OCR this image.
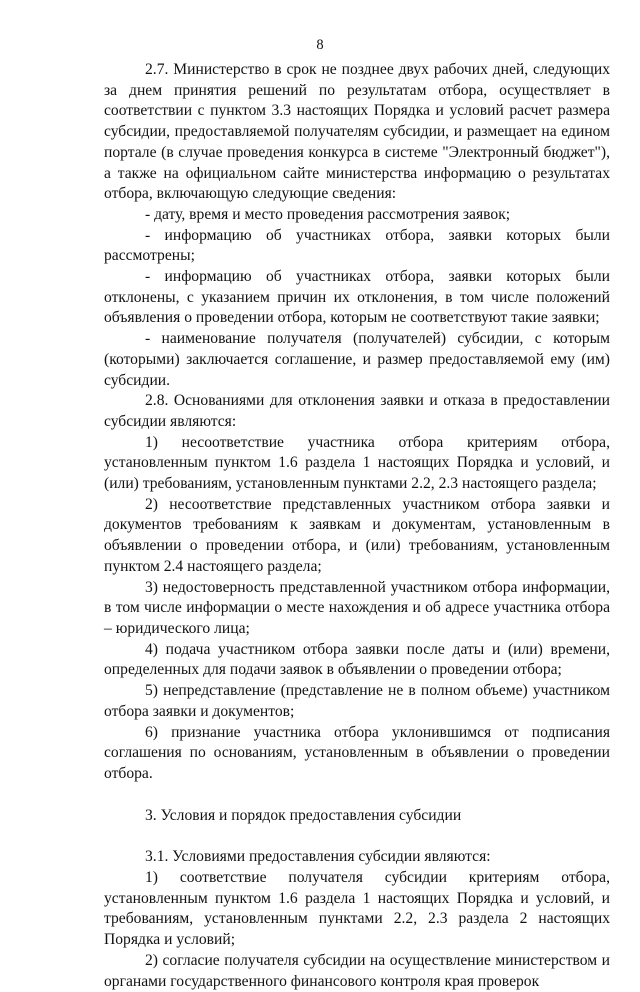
8

2.7. Министерство в срок не позднее двух рабочих дней, следующих за днем принятия решений по результатам отбора, осуществляет в соответствии с пунктом 3.3 настоящих Порядка и условий расчет размера субсидии, предоставляемой получателям субсидии, и размещает на едином портале (в случае проведения конкурса в системе "Электронный бюджет"), а также на официальном сайте министерства информацию о результатах отбора, включающую следующие сведения:

- дату, время и место проведения рассмотрения заявок;

- информацию об участниках отбора, заявки которых были рассмотрены;

- информацию об участниках отбора, заявки которых были отклонены, с указанием причин их отклонения, в том числе положений объявления о проведении отбора, которым не соответствуют такие заявки;

- наименование получателя (получателей) субсидии, с которым (которыми) заключается соглашение, и размер предоставляемой ему (им) субсидии.

2.8. Основаниями для отклонения заявки и отказа в предоставлении субсидии являются:

1) несоответствие участника отбора критериям отбора, установленным пунктом 1.6 раздела 1 настоящих Порядка и условий, и (или) требованиям, установленным пунктами 2.2, 2.3 настоящего раздела;

2) несоответствие представленных участником отбора заявки и документов требованиям к заявкам и документам, установленным в объявлении о проведении отбора, и (или) требованиям, установленным пунктом 2.4 настоящего раздела;

3) недостоверность представленной участником отбора информации, в том числе информации о месте нахождения и об адресе участника отбора – юридического лица;

4) подача участником отбора заявки после даты и (или) времени, определенных для подачи заявок в объявлении о проведении отбора;

5) непредставление (представление не в полном объеме) участником отбора заявки и документов;

6) признание участника отбора уклонившимся от подписания соглашения по основаниям, установленным в объявлении о проведении отбора.

3. Условия и порядок предоставления субсидии

3.1. Условиями предоставления субсидии являются:

1) соответствие получателя субсидии критериям отбора, установленным пунктом 1.6 раздела 1 настоящих Порядка и условий, и требованиям, установленным пунктами 2.2, 2.3 раздела 2 настоящих Порядка и условий;

2) согласие получателя субсидии на осуществление министерством и органами государственного финансового контроля края проверок
